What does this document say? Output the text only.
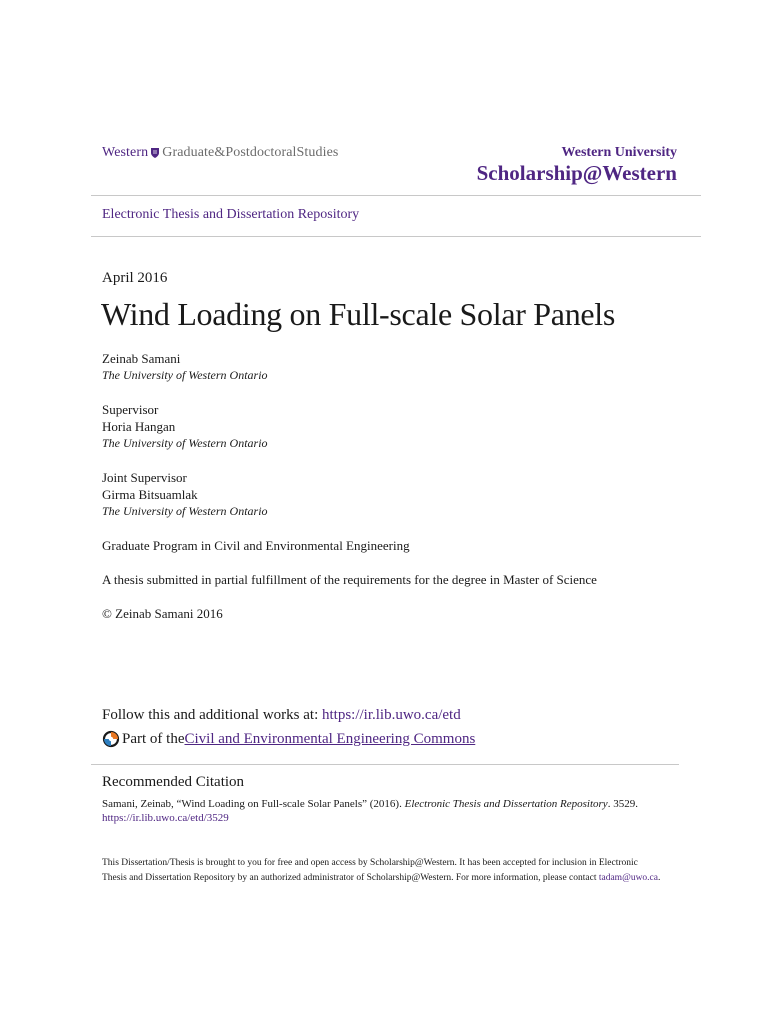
Western Graduate&PostdoctoralStudies	Western University
Scholarship@Western
Electronic Thesis and Dissertation Repository
April 2016
Wind Loading on Full-scale Solar Panels
Zeinab Samani
The University of Western Ontario
Supervisor
Horia Hangan
The University of Western Ontario
Joint Supervisor
Girma Bitsuamlak
The University of Western Ontario
Graduate Program in Civil and Environmental Engineering
A thesis submitted in partial fulfillment of the requirements for the degree in Master of Science
© Zeinab Samani 2016
Follow this and additional works at: https://ir.lib.uwo.ca/etd
Part of the Civil and Environmental Engineering Commons
Recommended Citation
Samani, Zeinab, “Wind Loading on Full-scale Solar Panels” (2016). Electronic Thesis and Dissertation Repository. 3529.
https://ir.lib.uwo.ca/etd/3529
This Dissertation/Thesis is brought to you for free and open access by Scholarship@Western. It has been accepted for inclusion in Electronic Thesis and Dissertation Repository by an authorized administrator of Scholarship@Western. For more information, please contact tadam@uwo.ca.
